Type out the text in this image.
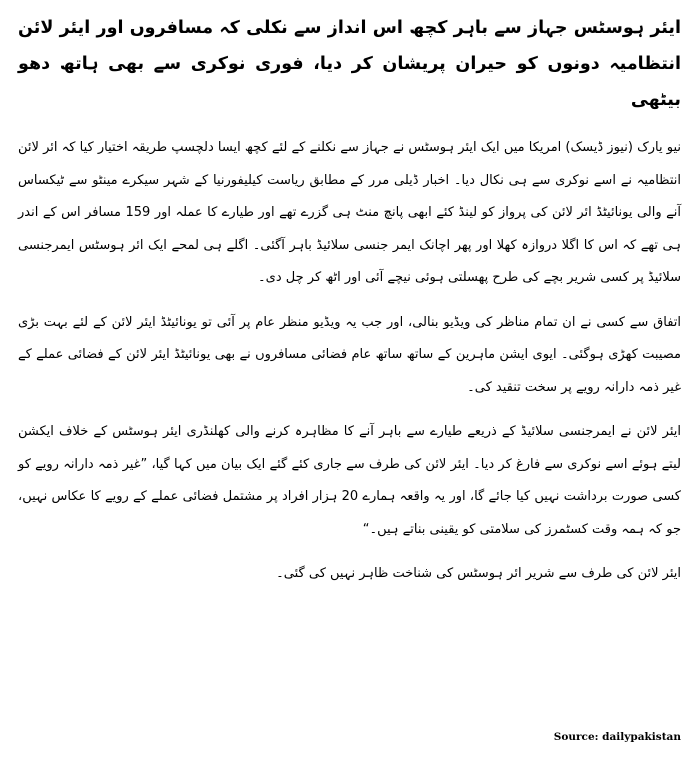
ایئر ہوسٹس جہاز سے باہر کچھ اس انداز سے نکلی کہ مسافروں اور ایئر لائن انتظامیہ دونوں کو حیران پریشان کر دیا، فوری نوکری سے بھی ہاتھ دھو بیٹھی

نیو یارک (نیوز ڈیسک) امریکا میں ایک ایئر ہوسٹس نے جہاز سے نکلنے کے لئے کچھ ایسا دلچسپ طریقہ اختیار کیا کہ ائر لائن انتظامیہ نے اسے نوکری سے ہی نکال دیا۔ اخبار ڈیلی مرر کے مطابق ریاست کیلیفورنیا کے شہر سیکرے مینٹو سے ٹیکساس آنے والی یونائیٹڈ ائر لائن کی پرواز کو لینڈ کئے ابھی پانچ منٹ ہی گزرے تھے اور طیارے کا عملہ اور 159 مسافر اس کے اندر ہی تھے کہ اس کا اگلا دروازہ کھلا اور پھر اچانک ایمر جنسی سلائیڈ باہر آگئی۔ اگلے ہی لمحے ایک ائر ہوسٹس ایمرجنسی سلائیڈ پر کسی شریر بچے کی طرح پھسلتی ہوئی نیچے آئی اور اٹھ کر چل دی۔

اتفاق سے کسی نے ان تمام مناظر کی ویڈیو بنالی، اور جب یہ ویڈیو منظر عام پر آئی تو یونائیٹڈ ایئر لائن کے لئے بہت بڑی مصیبت کھڑی ہوگئی۔ ایوی ایشن ماہرین کے ساتھ ساتھ عام فضائی مسافروں نے بھی یونائیٹڈ ایئر لائن کے فضائی عملے کے غیر ذمہ دارانہ رویے پر سخت تنقید کی۔

ایئر لائن نے ایمرجنسی سلائیڈ کے ذریعے طیارے سے باہر آنے کا مظاہرہ کرنے والی کھلنڈری ایئر ہوسٹس کے خلاف ایکشن لیتے ہوئے اسے نوکری سے فارغ کر دیا۔ ایئر لائن کی طرف سے جاری کئے گئے ایک بیان میں کہا گیا، ”غیر ذمہ دارانہ رویے کو کسی صورت برداشت نہیں کیا جائے گا، اور یہ واقعہ ہمارے 20 ہزار افراد پر مشتمل فضائی عملے کے رویے کا عکاس نہیں، جو کہ ہمہ وقت کسٹمرز کی سلامتی کو یقینی بناتے ہیں۔“

ایئر لائن کی طرف سے شریر ائر ہوسٹس کی شناخت ظاہر نہیں کی گئی۔

Source: dailypakistan
